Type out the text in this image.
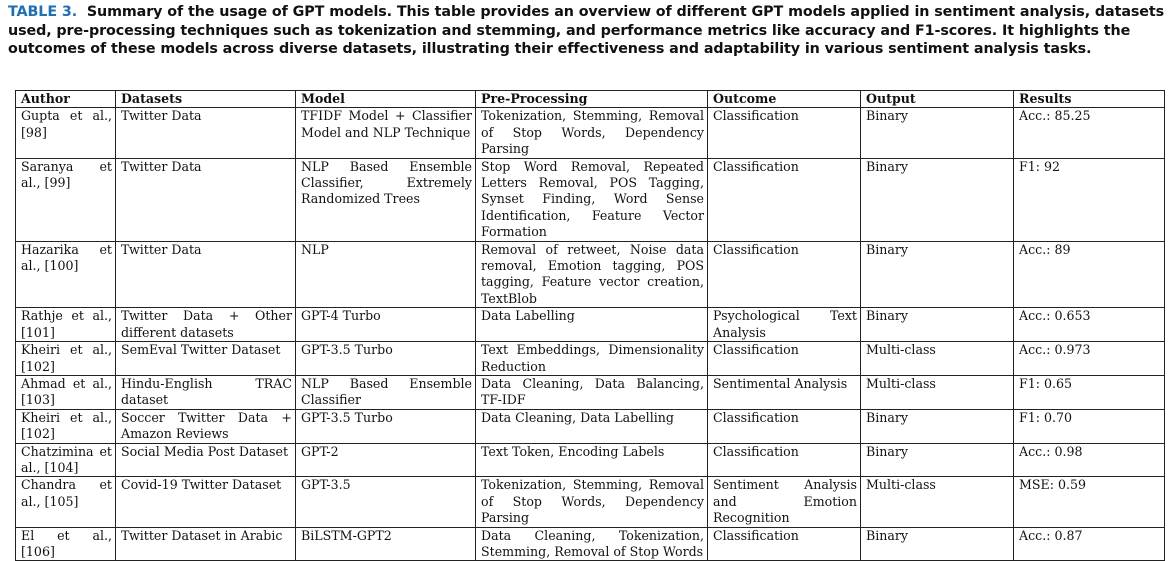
TABLE 3. Summary of the usage of GPT models. This table provides an overview of different GPT models applied in sentiment analysis, datasets used, pre-processing techniques such as tokenization and stemming, and performance metrics like accuracy and F1-scores. It highlights the outcomes of these models across diverse datasets, illustrating their effectiveness and adaptability in various sentiment analysis tasks.
Author	Datasets	Model	Pre-Processing	Outcome	Output	Results
Gupta et al., [98]	Twitter Data	TFIDF Model + Classifier Model and NLP Technique	Tokenization, Stemming, Removal of Stop Words, Dependency Parsing	Classification	Binary	Acc.: 85.25
Saranya et al., [99]	Twitter Data	NLP Based Ensemble Classifier, Extremely Randomized Trees	Stop Word Removal, Repeated Letters Removal, POS Tagging, Synset Finding, Word Sense Identification, Feature Vector Formation	Classification	Binary	F1: 92
Hazarika et al., [100]	Twitter Data	NLP	Removal of retweet, Noise data removal, Emotion tagging, POS tagging, Feature vector creation, TextBlob	Classification	Binary	Acc.: 89
Rathje et al., [101]	Twitter Data + Other different datasets	GPT-4 Turbo	Data Labelling	Psychological Text Analysis	Binary	Acc.: 0.653
Kheiri et al., [102]	SemEval Twitter Dataset	GPT-3.5 Turbo	Text Embeddings, Dimensionality Reduction	Classification	Multi-class	Acc.: 0.973
Ahmad et al., [103]	Hindu-English TRAC dataset	NLP Based Ensemble Classifier	Data Cleaning, Data Balancing, TF-IDF	Sentimental Analysis	Multi-class	F1: 0.65
Kheiri et al., [102]	Soccer Twitter Data + Amazon Reviews	GPT-3.5 Turbo	Data Cleaning, Data Labelling	Classification	Binary	F1: 0.70
Chatzimina et al., [104]	Social Media Post Dataset	GPT-2	Text Token, Encoding Labels	Classification	Binary	Acc.: 0.98
Chandra et al., [105]	Covid-19 Twitter Dataset	GPT-3.5	Tokenization, Stemming, Removal of Stop Words, Dependency Parsing	Sentiment Analysis and Emotion Recognition	Multi-class	MSE: 0.59
El et al., [106]	Twitter Dataset in Arabic	BiLSTM-GPT2	Data Cleaning, Tokenization, Stemming, Removal of Stop Words	Classification	Binary	Acc.: 0.87
